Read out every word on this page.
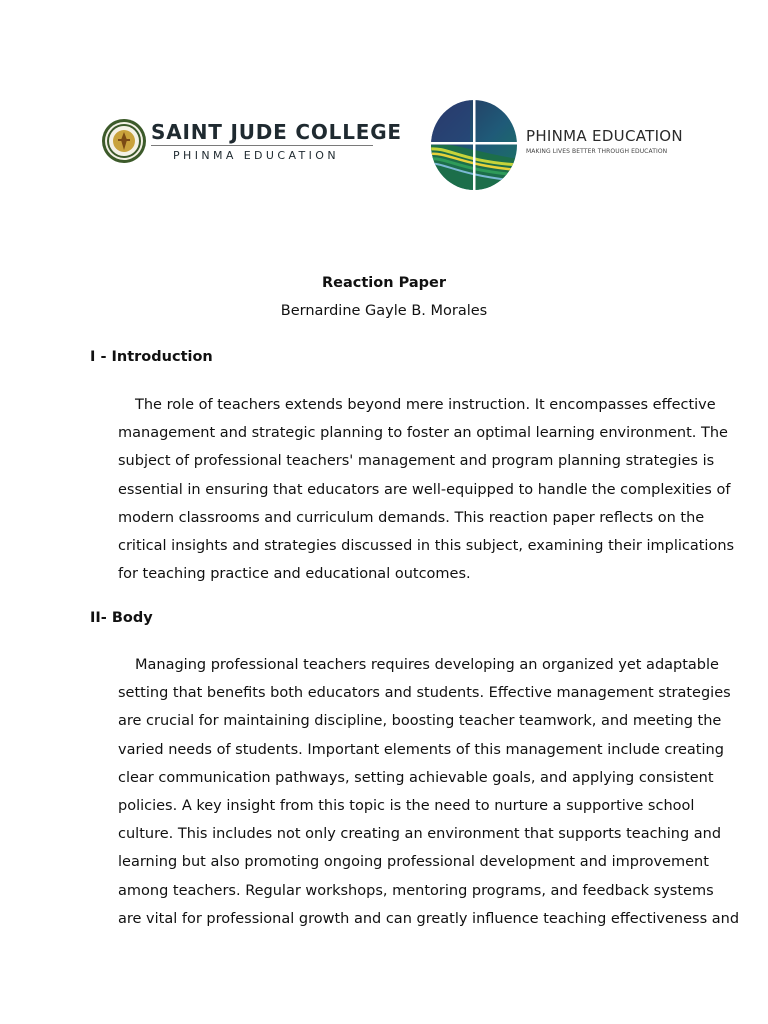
SAINT JUDE COLLEGE
PHINMA EDUCATION
PHINMA EDUCATION
MAKING LIVES BETTER THROUGH EDUCATION
Reaction Paper
Bernardine Gayle B. Morales
I - Introduction
The role of teachers extends beyond mere instruction. It encompasses effective
management and strategic planning to foster an optimal learning environment. The
subject of professional teachers' management and program planning strategies is
essential in ensuring that educators are well-equipped to handle the complexities of
modern classrooms and curriculum demands. This reaction paper reflects on the
critical insights and strategies discussed in this subject, examining their implications
for teaching practice and educational outcomes.
II- Body
Managing professional teachers requires developing an organized yet adaptable
setting that benefits both educators and students. Effective management strategies
are crucial for maintaining discipline, boosting teacher teamwork, and meeting the
varied needs of students. Important elements of this management include creating
clear communication pathways, setting achievable goals, and applying consistent
policies. A key insight from this topic is the need to nurture a supportive school
culture. This includes not only creating an environment that supports teaching and
learning but also promoting ongoing professional development and improvement
among teachers. Regular workshops, mentoring programs, and feedback systems
are vital for professional growth and can greatly influence teaching effectiveness and
